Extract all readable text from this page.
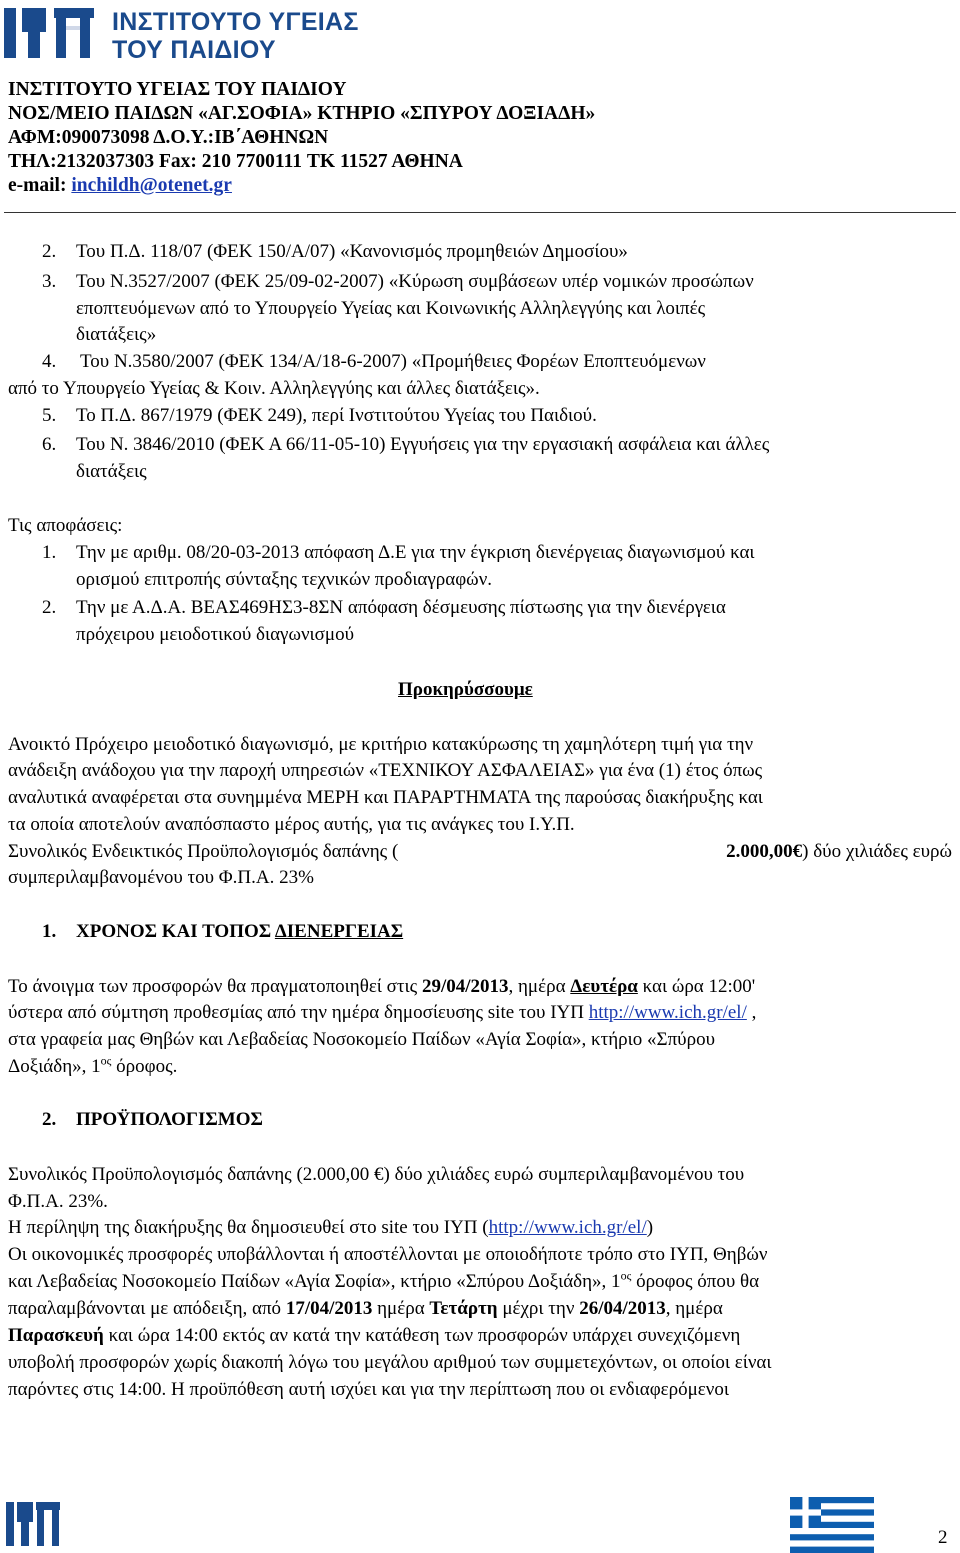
ΙΝΣΤΙΤΟΥΤΟ ΥΓΕΙΑΣ
ΤΟΥ ΠΑΙΔΙΟΥ
ΙΝΣΤΙΤΟΥΤΟ ΥΓΕΙΑΣ ΤΟΥ ΠΑΙΔΙΟΥ
ΝΟΣ/ΜΕΙΟ ΠΑΙΔΩΝ «ΑΓ.ΣΟΦΙΑ» ΚΤΗΡΙΟ «ΣΠΥΡΟΥ ΔΟΞΙΑΔΗ»
ΑΦΜ:090073098 Δ.Ο.Υ.:ΙΒ΄ΑΘΗΝΩΝ
ΤΗΛ:2132037303 Fax: 210 7700111 ΤΚ 11527 ΑΘΗΝΑ
e-mail: inchildh@otenet.gr
2. Του Π.Δ. 118/07 (ΦΕΚ 150/Α/07) «Κανονισμός προμηθειών Δημοσίου»
3. Του Ν.3527/2007 (ΦΕΚ 25/09-02-2007) «Κύρωση συμβάσεων υπέρ νομικών προσώπων
εποπτευόμενων από το Υπουργείο Υγείας και Κοινωνικής Αλληλεγγύης και λοιπές
διατάξεις»
4. Του Ν.3580/2007 (ΦΕΚ 134/Α/18-6-2007) «Προμήθειες Φορέων Εποπτευόμενων
από το Υπουργείο Υγείας & Κοιν. Αλληλεγγύης και άλλες διατάξεις».
5. Το Π.Δ. 867/1979 (ΦΕΚ 249), περί Ινστιτούτου Υγείας του Παιδιού.
6. Του Ν. 3846/2010 (ΦΕΚ Α 66/11-05-10) Εγγυήσεις για την εργασιακή ασφάλεια και άλλες
διατάξεις
Τις αποφάσεις:
1. Την με αριθμ. 08/20-03-2013 απόφαση Δ.Ε για την έγκριση διενέργειας διαγωνισμού και
ορισμού επιτροπής σύνταξης τεχνικών προδιαγραφών.
2. Την με Α.Δ.Α. ΒΕΑΣ469ΗΣ3-8ΣΝ απόφαση δέσμευσης πίστωσης για την διενέργεια
πρόχειρου μειοδοτικού διαγωνισμού
Προκηρύσσουμε
Ανοικτό Πρόχειρο μειοδοτικό διαγωνισμό, με κριτήριο κατακύρωσης τη χαμηλότερη τιμή για την
ανάδειξη ανάδοχου για την παροχή υπηρεσιών «ΤΕΧΝΙΚΟΥ ΑΣΦΑΛΕΙΑΣ» για ένα (1) έτος όπως
αναλυτικά αναφέρεται στα συνημμένα ΜΕΡΗ και ΠΑΡΑΡΤΗΜΑΤΑ της παρούσας διακήρυξης και
τα οποία αποτελούν αναπόσπαστο μέρος αυτής, για τις ανάγκες του Ι.Υ.Π.
Συνολικός Ενδεικτικός Προϋπολογισμός δαπάνης (	2.000,00€) δύο χιλιάδες ευρώ
συμπεριλαμβανομένου του Φ.Π.Α. 23%
1. ΧΡΟΝΟΣ ΚΑΙ ΤΟΠΟΣ ΔΙΕΝΕΡΓΕΙΑΣ
Το άνοιγμα των προσφορών θα πραγματοποιηθεί στις 29/04/2013, ημέρα Δευτέρα και ώρα 12:00'
ύστερα από σύμτηση προθεσμίας από την ημέρα δημοσίευσης site του ΙΥΠ http://www.ich.gr/el/ ,
στα γραφεία μας Θηβών και Λεβαδείας Νοσοκομείο Παίδων «Αγία Σοφία», κτήριο «Σπύρου
Δοξιάδη», $1^{o\varsigma}$ όροφος.
2. ΠΡΟΫΠΟΛΟΓΙΣΜΟΣ
Συνολικός Προϋπολογισμός δαπάνης (2.000,00 €) δύο χιλιάδες ευρώ συμπεριλαμβανομένου του
Φ.Π.Α. 23%.
Η περίληψη της διακήρυξης θα δημοσιευθεί στο site του ΙΥΠ (http://www.ich.gr/el/)
Οι οικονομικές προσφορές υποβάλλονται ή αποστέλλονται με οποιοδήποτε τρόπο στο ΙΥΠ, Θηβών
και Λεβαδείας Νοσοκομείο Παίδων «Αγία Σοφία», κτήριο «Σπύρου Δοξιάδη», $1^{o\varsigma}$ όροφος όπου θα
παραλαμβάνονται με απόδειξη, από 17/04/2013 ημέρα Τετάρτη μέχρι την 26/04/2013, ημέρα
Παρασκευή και ώρα 14:00 εκτός αν κατά την κατάθεση των προσφορών υπάρχει συνεχιζόμενη
υποβολή προσφορών χωρίς διακοπή λόγω του μεγάλου αριθμού των συμμετεχόντων, οι οποίοι είναι
παρόντες στις 14:00. Η προϋπόθεση αυτή ισχύει και για την περίπτωση που οι ενδιαφερόμενοι
2
